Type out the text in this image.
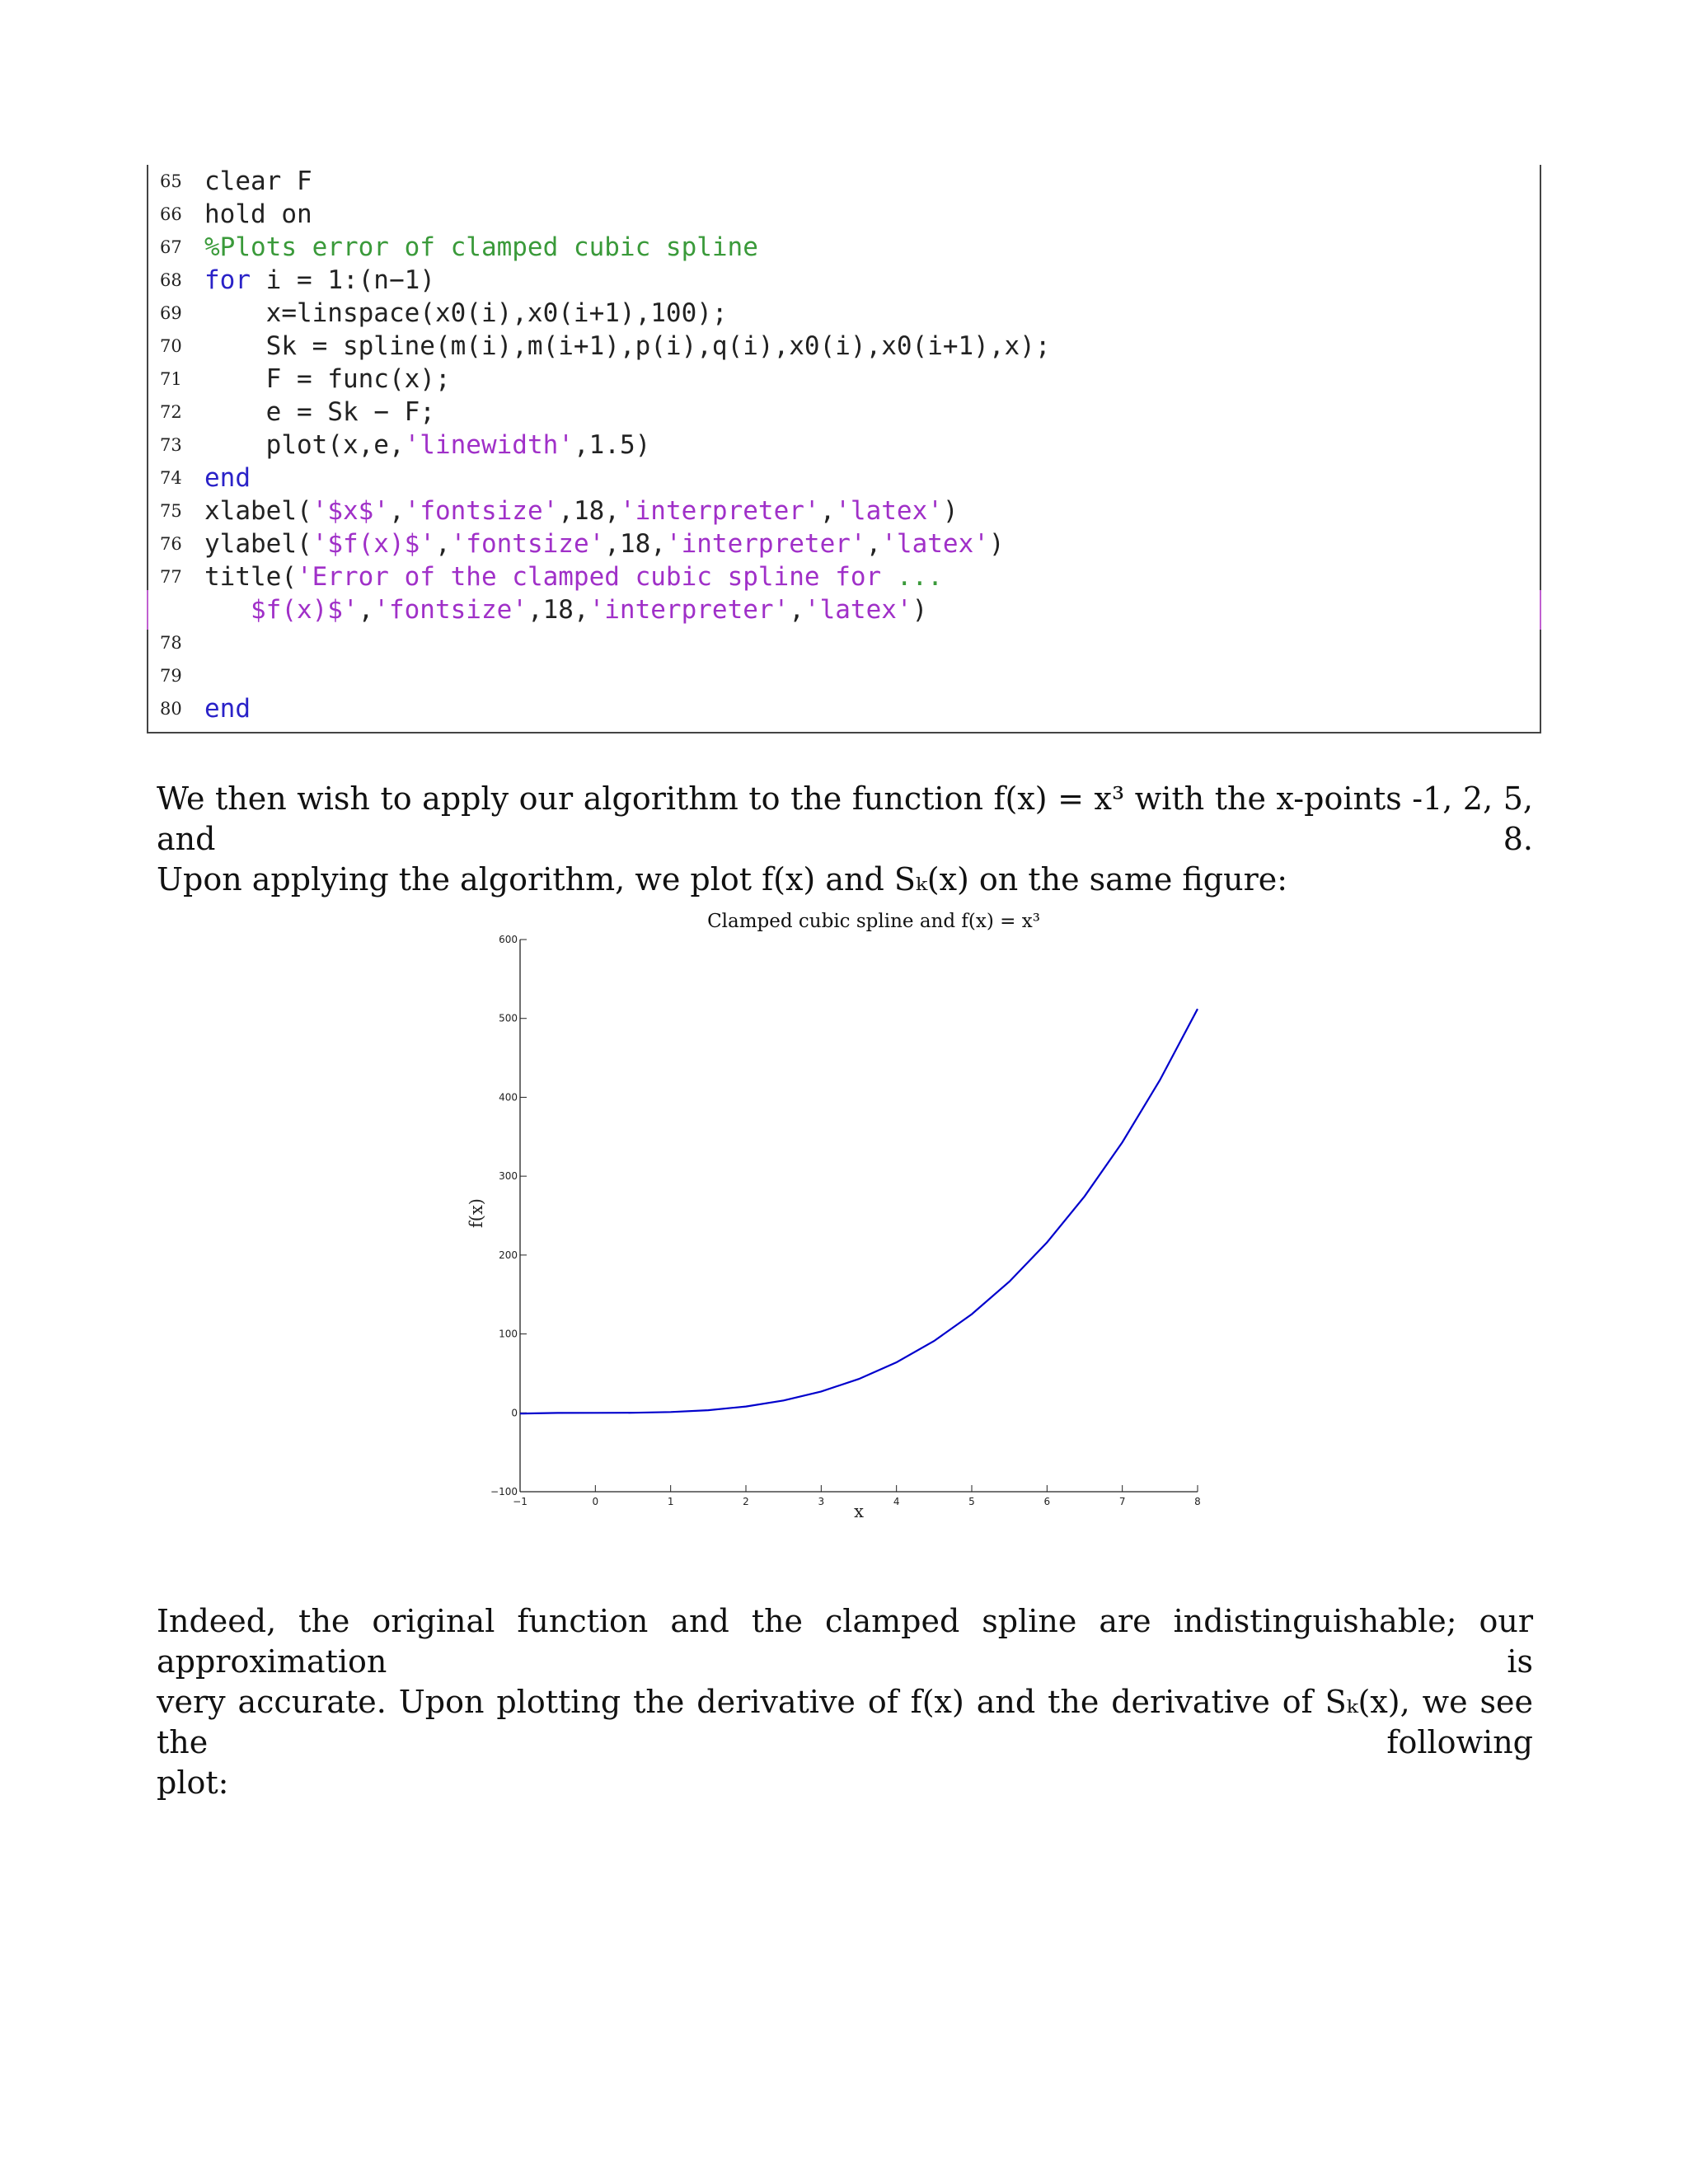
65 clear F
66 hold on
67 %Plots error of clamped cubic spline
68 for i = 1:(n−1)
69 x=linspace(x0(i),x0(i+1),100);
70 Sk = spline(m(i),m(i+1),p(i),q(i),x0(i),x0(i+1),x);
71 F = func(x);
72 e = Sk − F;
73 plot(x,e,'linewidth',1.5)
74 end
75 xlabel('$x$','fontsize',18,'interpreter','latex')
76 ylabel('$f(x)$','fontsize',18,'interpreter','latex')
77 title('Error of the clamped cubic spline for ...
$f(x)$','fontsize',18,'interpreter','latex')
78
79
80 end

We then wish to apply our algorithm to the function f(x) = x³ with the x-points -1, 2, 5, and 8.
Upon applying the algorithm, we plot f(x) and Sₖ(x) on the same figure:

−100
0
100
200
300
400
500
600
−1	0	1	2	3	4	5	6	7	8
Clamped cubic spline and f(x) = x³
x
f(x)

Indeed, the original function and the clamped spline are indistinguishable; our approximation is
very accurate. Upon plotting the derivative of f(x) and the derivative of Sₖ(x), we see the following
plot:
